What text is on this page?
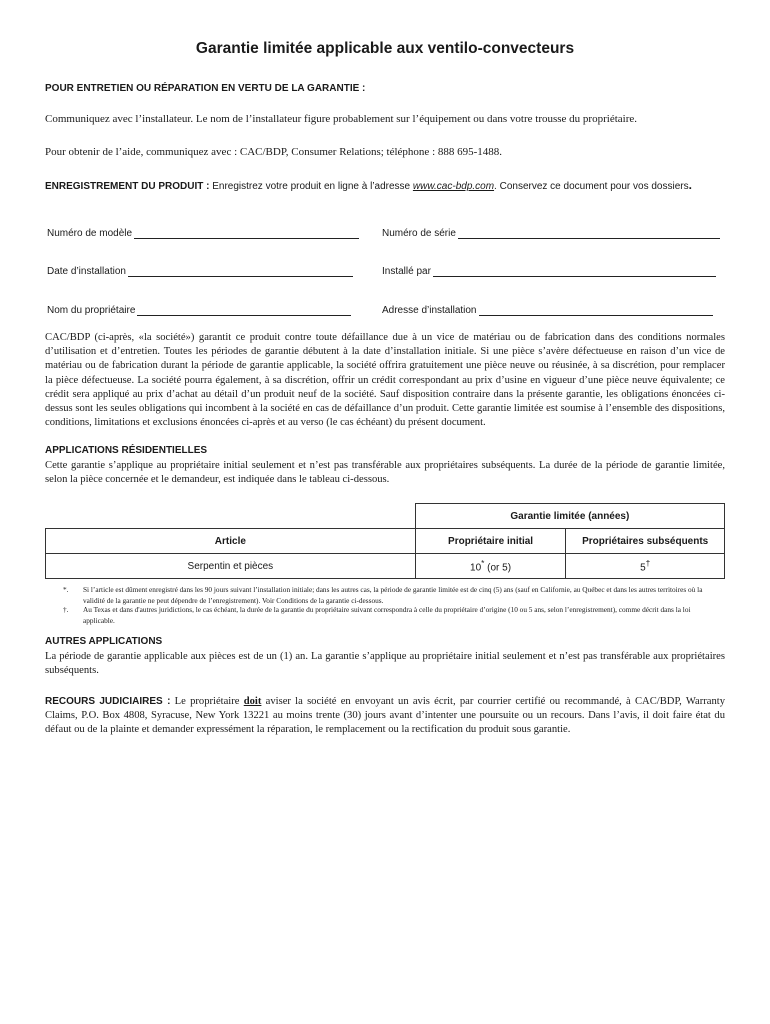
Garantie limitée applicable aux ventilo-convecteurs
POUR ENTRETIEN OU RÉPARATION EN VERTU DE LA GARANTIE :
Communiquez avec l’installateur. Le nom de l’installateur figure probablement sur l’équipement ou dans votre trousse du propriétaire.
Pour obtenir de l’aide, communiquez avec : CAC/BDP, Consumer Relations; téléphone : 888 695-1488.
ENREGISTREMENT DU PRODUIT : Enregistrez votre produit en ligne à l’adresse www.cac-bdp.com. Conservez ce document pour vos dossiers.
Numéro de modèle	Numéro de série
Date d’installation	Installé par
Nom du propriétaire	Adresse d’installation
CAC/BDP (ci-après, «la société») garantit ce produit contre toute défaillance due à un vice de matériau ou de fabrication dans des conditions normales d’utilisation et d’entretien. Toutes les périodes de garantie débutent à la date d’installation initiale. Si une pièce s’avère défectueuse en raison d’un vice de matériau ou de fabrication durant la période de garantie applicable, la société offrira gratuitement une pièce neuve ou réusinée, à sa discrétion, pour remplacer la pièce défectueuse. La société pourra également, à sa discrétion, offrir un crédit correspondant au prix d’usine en vigueur d’une pièce neuve équivalente; ce crédit sera appliqué au prix d’achat au détail d’un produit neuf de la société. Sauf disposition contraire dans la présente garantie, les obligations énoncées ci-dessus sont les seules obligations qui incombent à la société en cas de défaillance d’un produit. Cette garantie limitée est soumise à l’ensemble des dispositions, conditions, limitations et exclusions énoncées ci-après et au verso (le cas échéant) du présent document.
APPLICATIONS RÉSIDENTIELLES
Cette garantie s’applique au propriétaire initial seulement et n’est pas transférable aux propriétaires subséquents. La durée de la période de garantie limitée, selon la pièce concernée et le demandeur, est indiquée dans le tableau ci-dessous.
	Garantie limitée (années)	
Article	Propriétaire initial	Propriétaires subséquents
Serpentin et pièces	10* (or 5)	5†
*. Si l’article est dûment enregistré dans les 90 jours suivant l’installation initiale; dans les autres cas, la période de garantie limitée est de cinq (5) ans (sauf en Californie, au Québec et dans les autres territoires où la validité de la garantie ne peut dépendre de l’enregistrement). Voir Conditions de la garantie ci-dessous.
†. Au Texas et dans d'autres juridictions, le cas échéant, la durée de la garantie du propriétaire suivant correspondra à celle du propriétaire d’origine (10 ou 5 ans, selon l’enregistrement), comme décrit dans la loi applicable.
AUTRES APPLICATIONS
La période de garantie applicable aux pièces est de un (1) an. La garantie s’applique au propriétaire initial seulement et n’est pas transférable aux propriétaires subséquents.
RECOURS JUDICIAIRES : Le propriétaire doit aviser la société en envoyant un avis écrit, par courrier certifié ou recommandé, à CAC/BDP, Warranty Claims, P.O. Box 4808, Syracuse, New York 13221 au moins trente (30) jours avant d’intenter une poursuite ou un recours. Dans l’avis, il doit faire état du défaut ou de la plainte et demander expressément la réparation, le remplacement ou la rectification du produit sous garantie.
